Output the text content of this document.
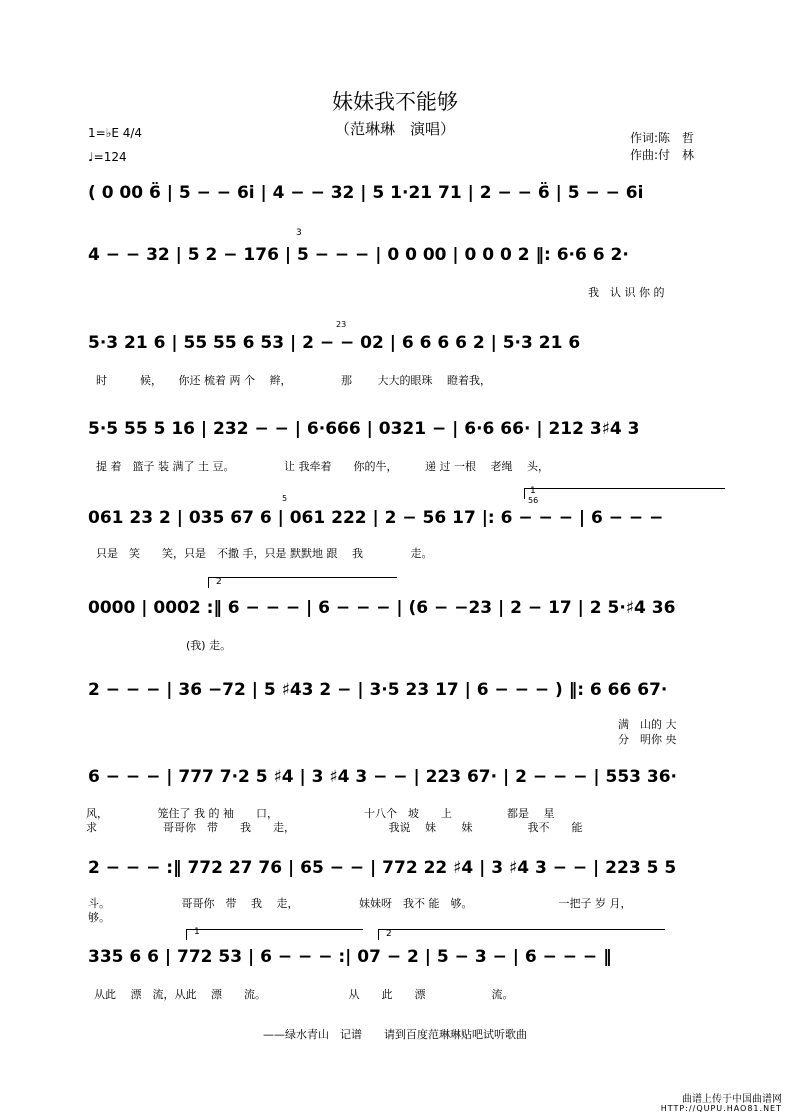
妹妹我不能够
（范琳琳　演唱）	作词:陈　哲
作曲:付　林
1=♭E 4/4
♩=124
( 0 00 6̈ | 5 − − 6i | 4 − − 32 | 5 1·21 71 | 2 − − 6̈ | 5 − − 6i
4 − − 32 | 5 2 − 176 | 5 − − − | 0 0 00 | 0 0 0 2 ‖: 6·6 6 2·
我　认 识 你 的
3
5·3 21 6 | 55 55 6 53 | 2 − − 02 | 6 6 6 6 2 | 5·3 21 6
23
时　　　候，　　你还 梳着 两 个　 辫，　　　　　那　　 大大的眼珠　 瞪着我，
5·5 55 5 16 | 232 − − | 6·666 | 0321 − | 6·6 66· | 212 3♯4 3
提 着　篮子 装 满了 土 豆。　　　　　让 我牵着　　你的牛，　　　递 过 一根　 老绳　 头，
1
5	56
061 23 2 | 035 67 6 | 061 222 | 2 − 56 17 |: 6 − − − | 6 − − −
只是　笑　　笑，只是　不撒 手，只是 默默地 跟　 我　　　　 走。
2
0000 | 0002 :‖ 6 − − − | 6 − − − | (6 − −23 | 2 − 17 | 2 5·♯4 36
(我) 走。
2 − − − | 36 −72 | 5 ♯43 2 − | 3·5 23 17 | 6 − − − ) ‖: 6 66 67·
满　山的 大
分　明你 央
6 − − − | 777 7·2 5 ♯4 | 3 ♯4 3 − − | 223 67· | 2 − − − | 553 36·
风，　　　　　笼住了 我 的 袖　　口，　　　　　　　　 十八个　坡　　上　　　　　都是　 星
求　　　　　　哥哥你　带　　我　　走，　　　　　　　　　我说　 妹　　 妹　　　　　我不　　能
2 − − − :‖ 772 27 76 | 65 − − | 772 22 ♯4 | 3 ♯4 3 − − | 223 5 5
斗。　　　　　　　哥哥你　带　 我　 走，　　　　　　妹妹呀　我不 能　够。　　　　　　　　 一把子 岁 月，
够。
1	2
335 6 6 | 772 53 | 6 − − − :| 07 − 2 | 5 − 3 − | 6 − − − ‖
从此　 漂　流，从此　 漂　　流。　　　　　　　　从　　此　　漂　　　　　　流。
——绿水青山　记谱　　请到百度范琳琳贴吧试听歌曲
曲谱上传于中国曲谱网
HTTP://QUPU.HAO81.NET
